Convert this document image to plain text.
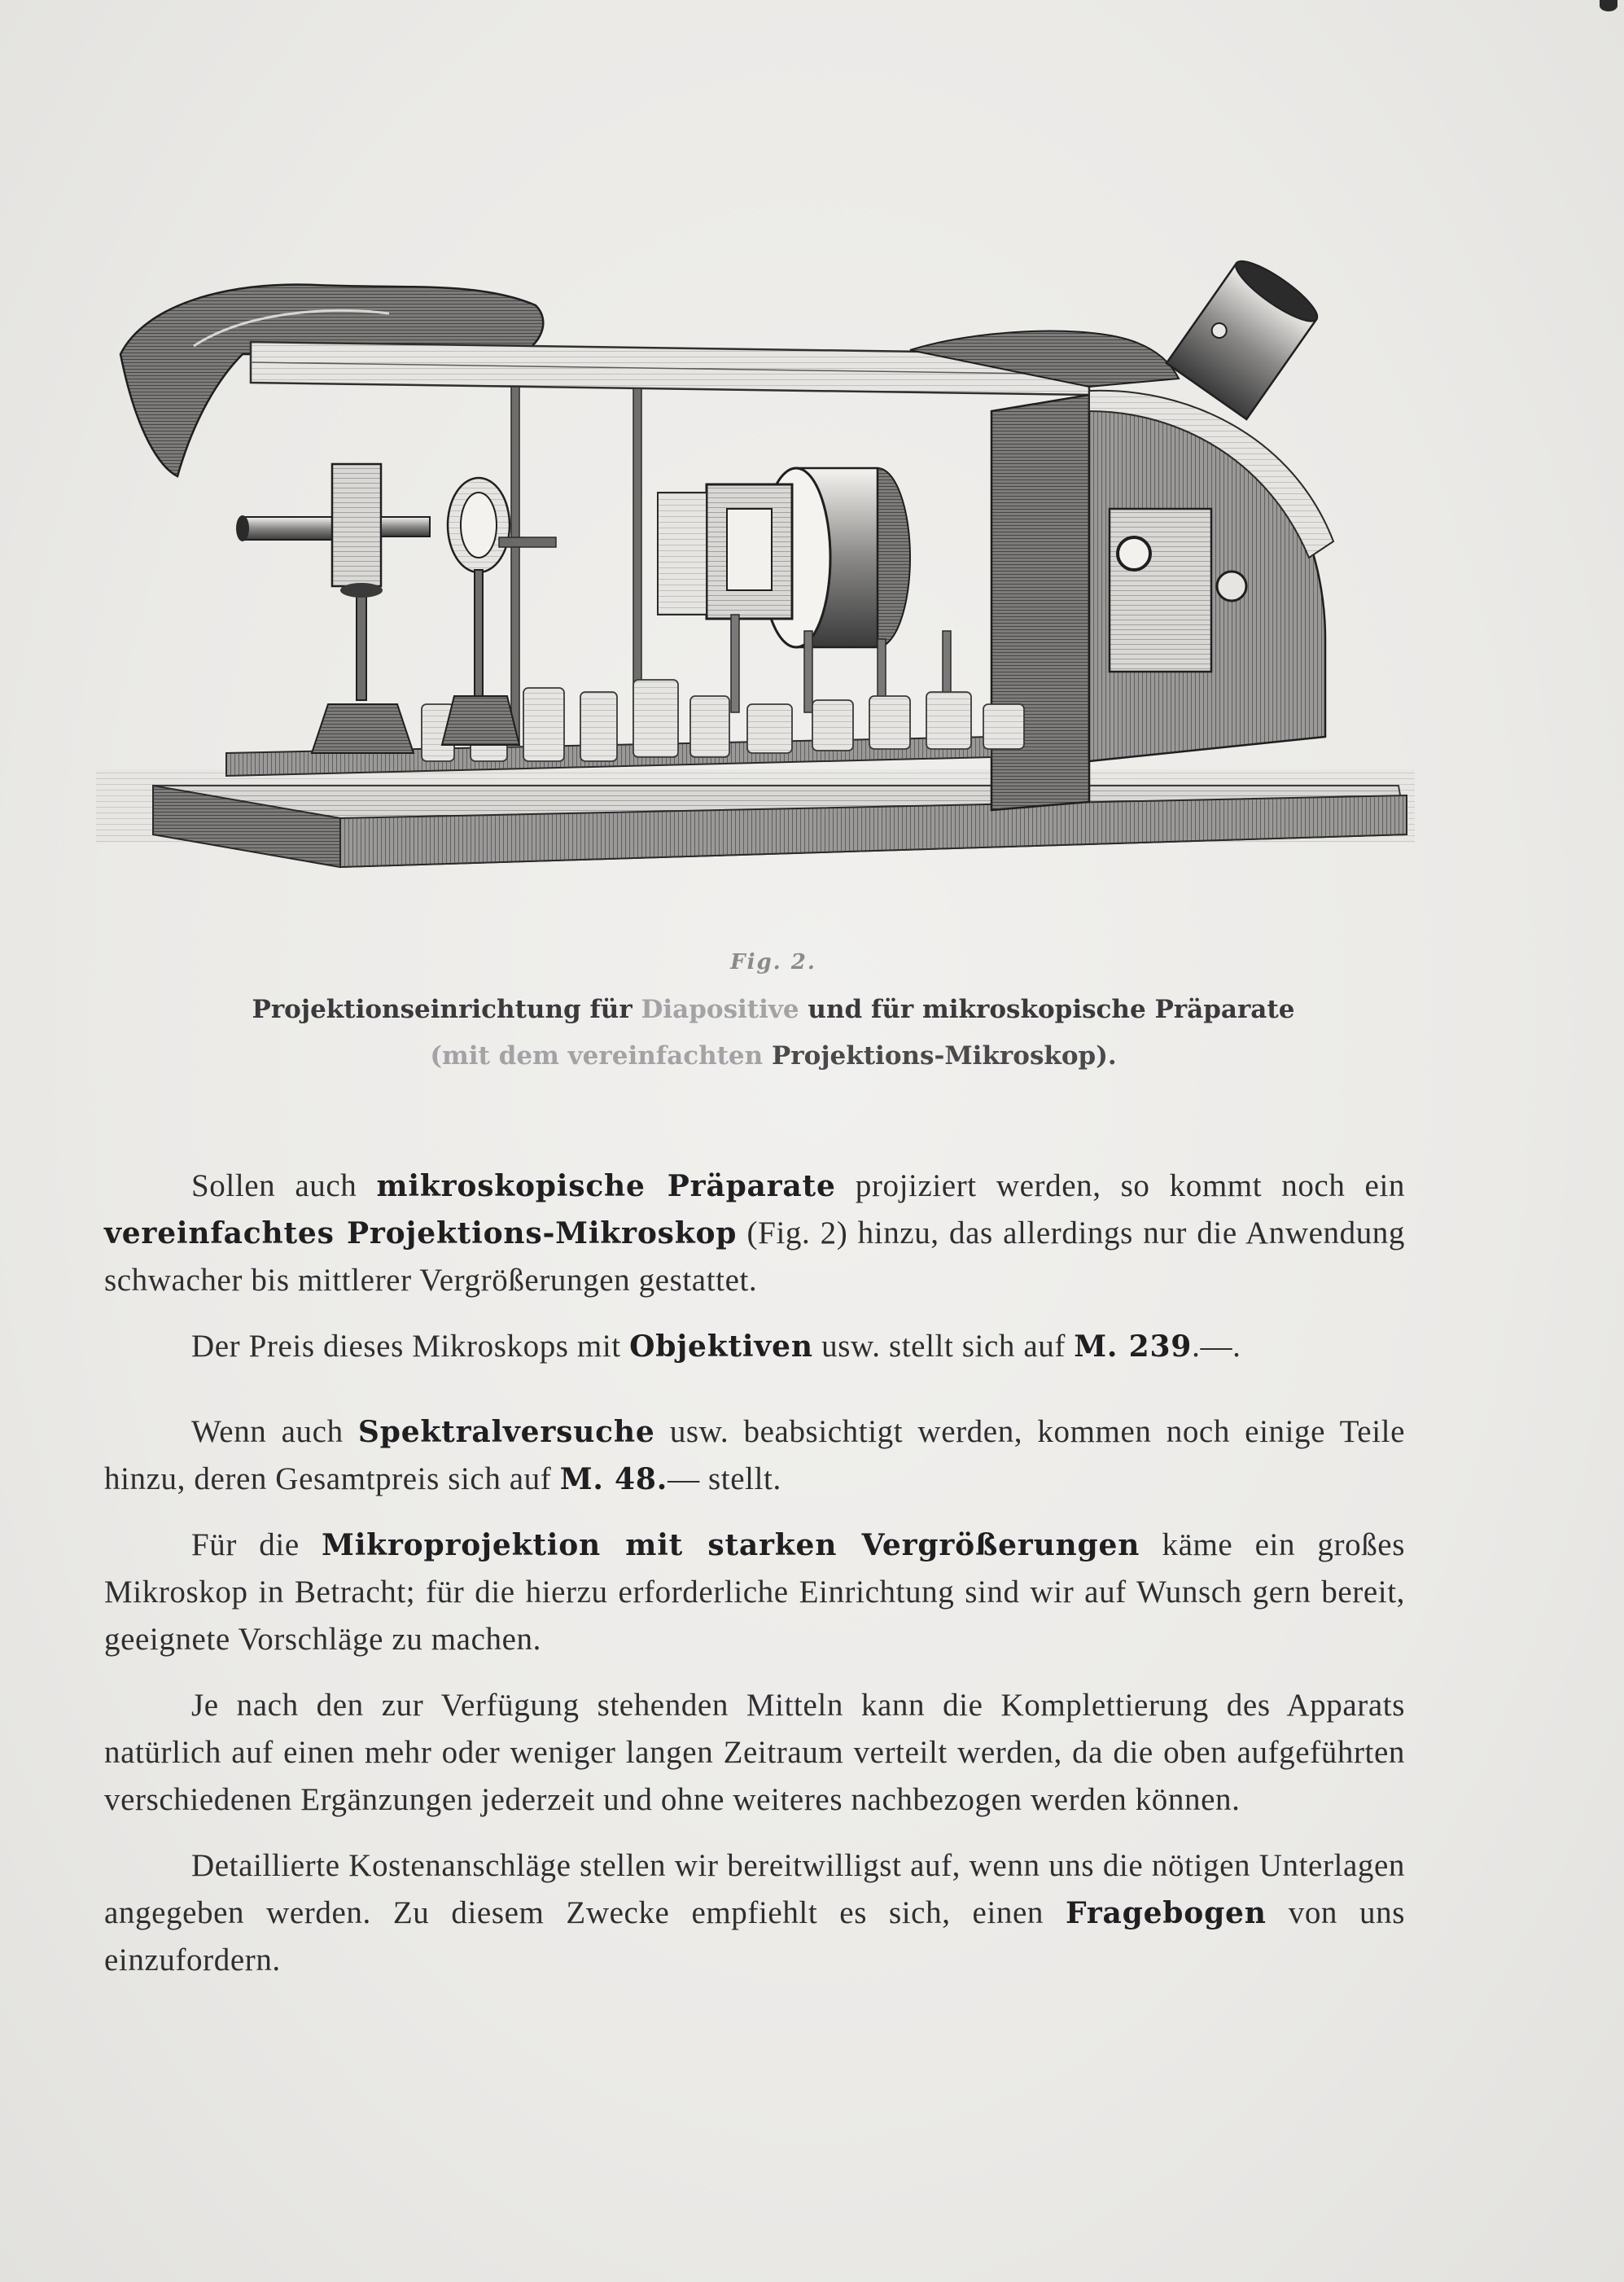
Fig. 2.
Projektionseinrichtung für Diapositive und für mikroskopische Präparate
(mit dem vereinfachten Projektions-Mikroskop).

Sollen auch mikroskopische Präparate projiziert werden, so kommt noch ein vereinfachtes Projektions-Mikroskop (Fig. 2) hinzu, das allerdings nur die Anwendung schwacher bis mittlerer Vergrößerungen gestattet.

Der Preis dieses Mikroskops mit Objektiven usw. stellt sich auf M. 239.—.

Wenn auch Spektralversuche usw. beabsichtigt werden, kommen noch einige Teile hinzu, deren Gesamtpreis sich auf M. 48.— stellt.

Für die Mikroprojektion mit starken Vergrößerungen käme ein großes Mikroskop in Betracht; für die hierzu erforderliche Einrichtung sind wir auf Wunsch gern bereit, geeignete Vorschläge zu machen.

Je nach den zur Verfügung stehenden Mitteln kann die Komplettierung des Apparats natürlich auf einen mehr oder weniger langen Zeitraum verteilt werden, da die oben aufgeführten verschiedenen Ergänzungen jederzeit und ohne weiteres nachbezogen werden können.

Detaillierte Kostenanschläge stellen wir bereitwilligst auf, wenn uns die nötigen Unterlagen angegeben werden. Zu diesem Zwecke empfiehlt es sich, einen Fragebogen von uns einzufordern.
